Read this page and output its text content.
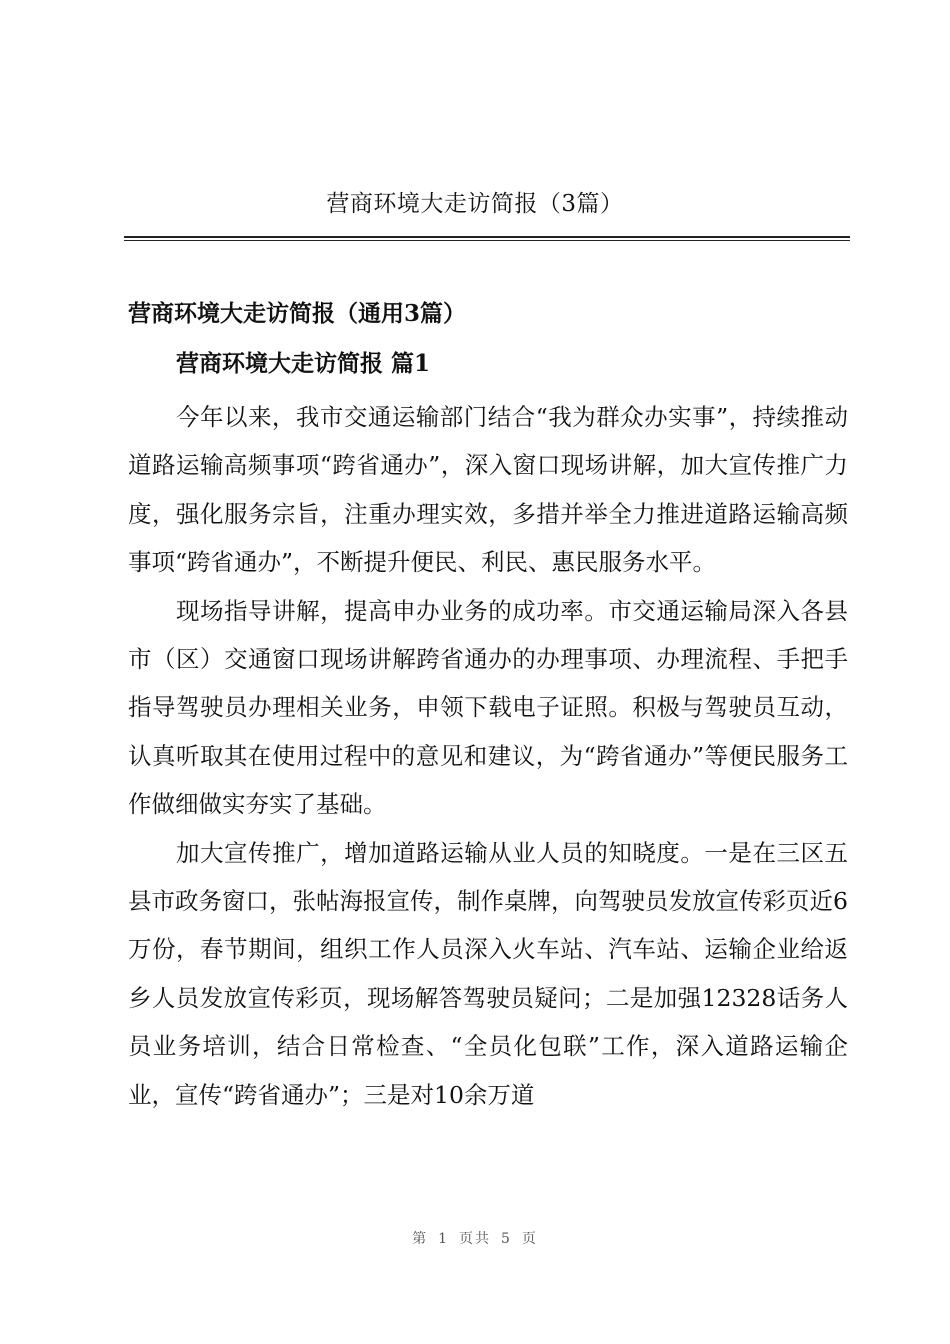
营商环境大走访简报（3篇）
营商环境大走访简报（通用3篇）
营商环境大走访简报 篇1

今年以来，我市交通运输部门结合“我为群众办实事”，持续推动道路运输高频事项“跨省通办”，深入窗口现场讲解，加大宣传推广力度，强化服务宗旨，注重办理实效，多措并举全力推进道路运输高频事项“跨省通办”，不断提升便民、利民、惠民服务水平。

现场指导讲解，提高申办业务的成功率。市交通运输局深入各县市（区）交通窗口现场讲解跨省通办的办理事项、办理流程、手把手指导驾驶员办理相关业务，申领下载电子证照。积极与驾驶员互动，认真听取其在使用过程中的意见和建议，为“跨省通办”等便民服务工作做细做实夯实了基础。

加大宣传推广，增加道路运输从业人员的知晓度。一是在三区五县市政务窗口，张帖海报宣传，制作桌牌，向驾驶员发放宣传彩页近6万份，春节期间，组织工作人员深入火车站、汽车站、运输企业给返乡人员发放宣传彩页，现场解答驾驶员疑问；二是加强12328话务人员业务培训，结合日常检查、“全员化包联”工作，深入道路运输企业，宣传“跨省通办”；三是对10余万道

第 1 页共 5 页
